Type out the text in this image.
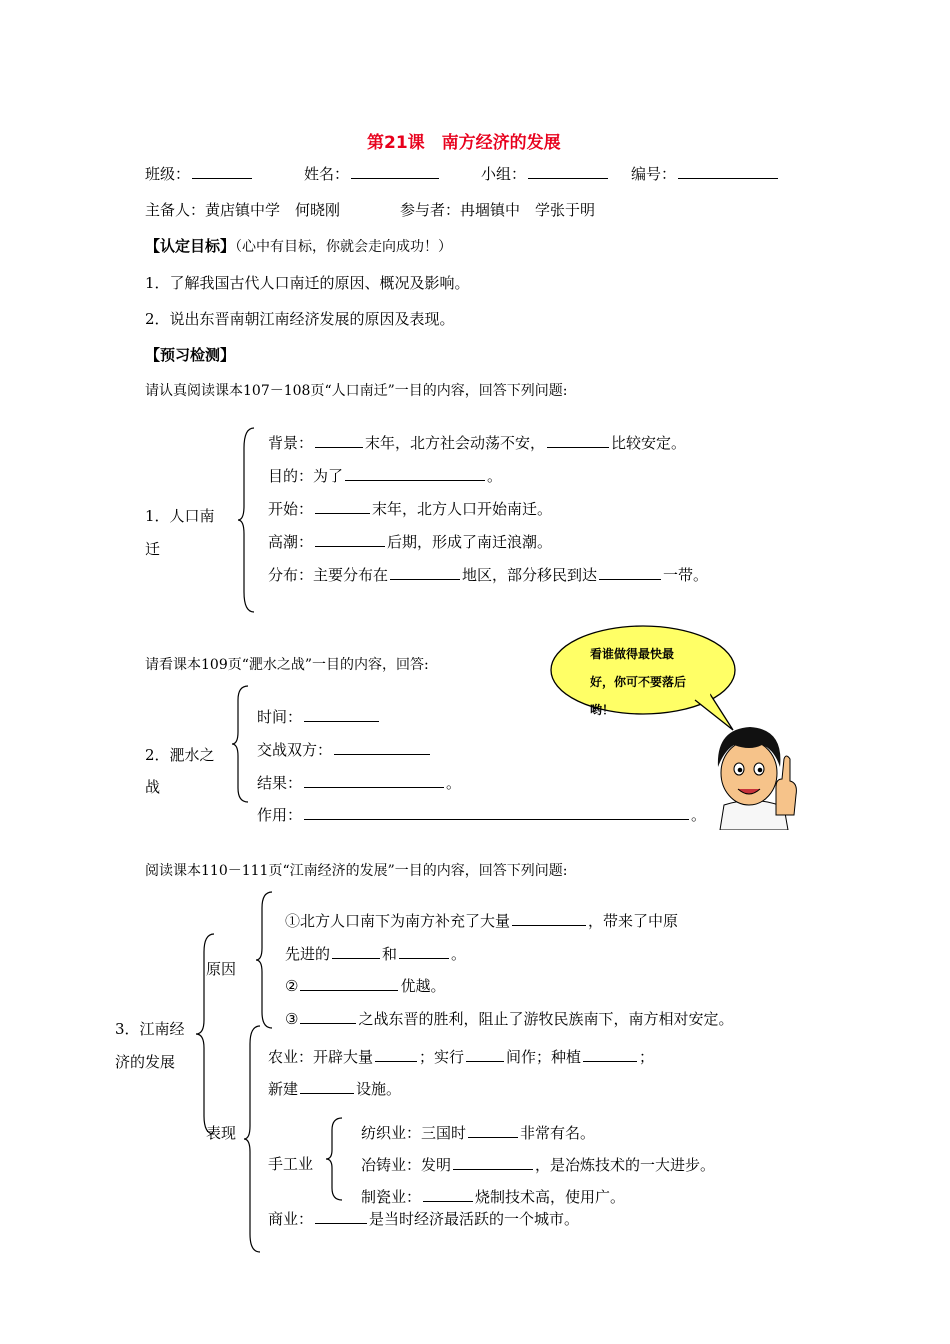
第21课　南方经济的发展
班级：	姓名：	小组：	编号：
主备人：黄店镇中学　何晓刚	参与者：冉堌镇中　学张于明
【认定目标】（心中有目标，你就会走向成功！）
1．了解我国古代人口南迁的原因、概况及影响。
2．说出东晋南朝江南经济发展的原因及表现。
【预习检测】
请认真阅读课本107－108页“人口南迁”一目的内容，回答下列问题:
1．人口南
迁
背景：	末年，北方社会动荡不安，	比较安定。
目的：为了	。
开始：	末年，北方人口开始南迁。
高潮：	后期，形成了南迁浪潮。
分布：主要分布在	地区，部分移民到达	一带。
请看课本109页“淝水之战”一目的内容，回答:
看谁做得最快最
好，你可不要落后
哟！
2．淝水之
战
时间：
交战双方：
结果：	。
作用：	。
阅读课本110－111页“江南经济的发展”一目的内容，回答下列问题:
3．江南经
济的发展
原因
表现
①北方人口南下为南方补充了大量	，带来了中原
先进的	和	。
②	优越。
③	之战东晋的胜利，阻止了游牧民族南下，南方相对安定。
农业：开辟大量	；实行	间作；种植	；
新建	设施。
手工业
纺织业：三国时	非常有名。
冶铸业：发明	，是冶炼技术的一大进步。
制瓷业：	烧制技术高，使用广。
商业：	是当时经济最活跃的一个城市。
